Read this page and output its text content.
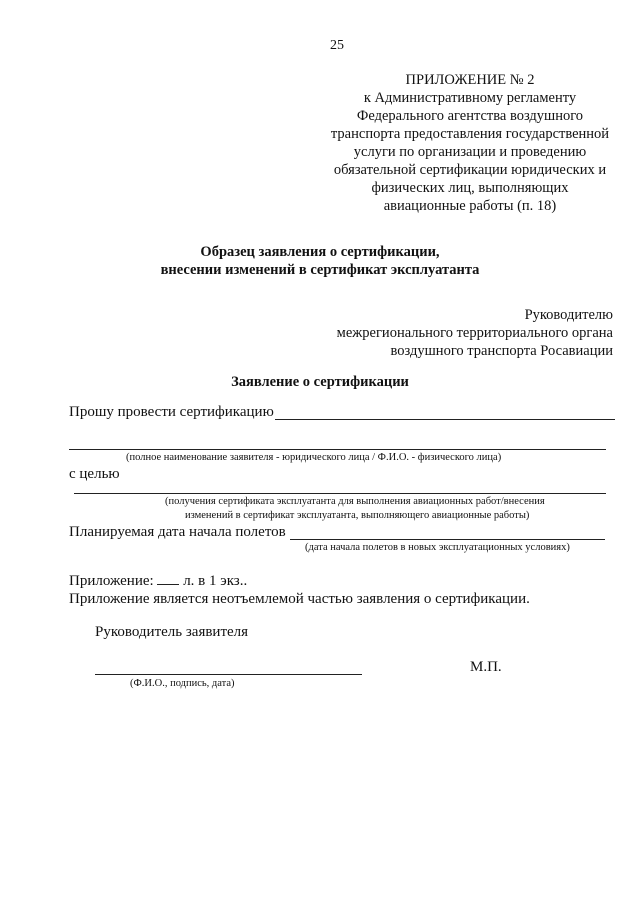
25
ПРИЛОЖЕНИЕ № 2
к Административному регламенту
Федерального агентства воздушного
транспорта предоставления государственной
услуги по организации и проведению
обязательной сертификации юридических и
физических лиц, выполняющих
авиационные работы (п. 18)
Образец заявления о сертификации,
внесении изменений в сертификат эксплуатанта
Руководителю
межрегионального территориального органа
воздушного транспорта Росавиации
Заявление о сертификации
Прошу провести сертификацию
(полное наименование заявителя - юридического лица / Ф.И.О. - физического лица)
с целью
(получения сертификата эксплуатанта для выполнения авиационных работ/внесения
изменений в сертификат эксплуатанта, выполняющего авиационные работы)
Планируемая дата начала полетов
(дата начала полетов в новых эксплуатационных условиях)
Приложение:  л. в 1 экз..
Приложение является неотъемлемой частью заявления о сертификации.
Руководитель заявителя
М.П.
(Ф.И.О., подпись, дата)
